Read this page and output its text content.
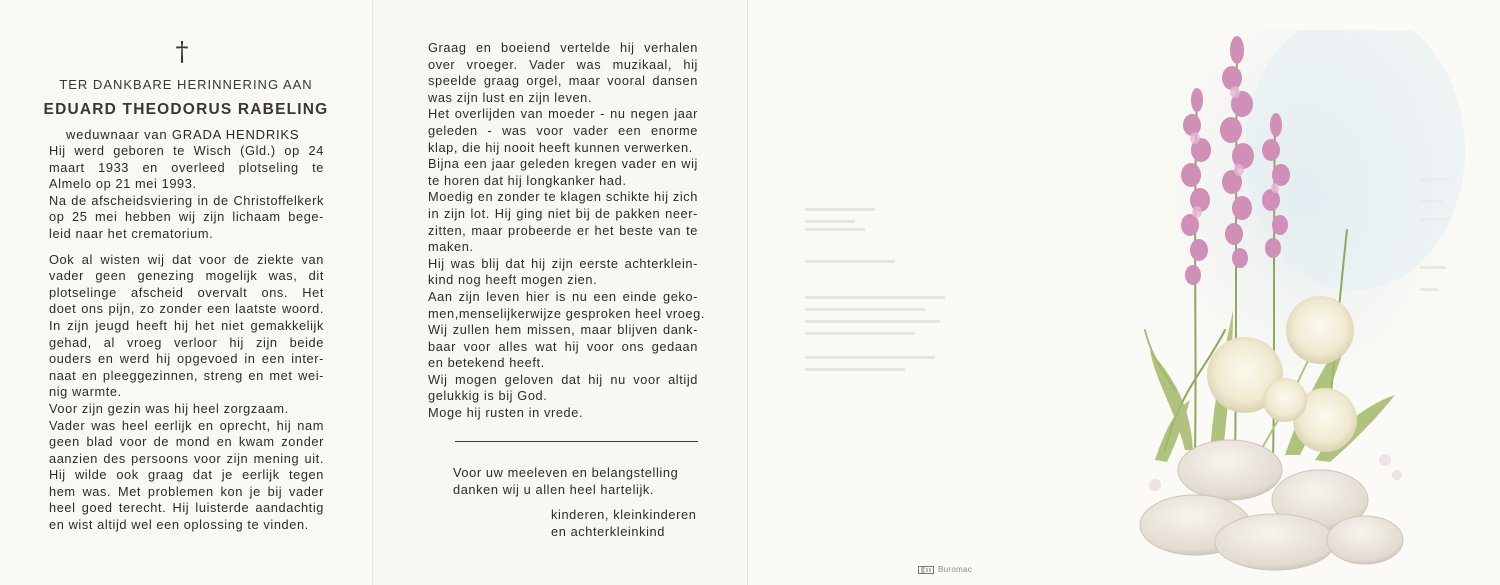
†
TER DANKBARE HERINNERING AAN
EDUARD THEODORUS RABELING
weduwnaar van GRADA HENDRIKS
Hij werd geboren te Wisch (Gld.) op 24
maart 1933 en overleed plotseling te
Almelo op 21 mei 1993.
Na de afscheidsviering in de Christoffelkerk
op 25 mei hebben wij zijn lichaam bege-
leid naar het crematorium.
Ook al wisten wij dat voor de ziekte van
vader geen genezing mogelijk was, dit
plotselinge afscheid overvalt ons. Het
doet ons pijn, zo zonder een laatste woord.
In zijn jeugd heeft hij het niet gemakkelijk
gehad, al vroeg verloor hij zijn beide
ouders en werd hij opgevoed in een inter-
naat en pleeggezinnen, streng en met wei-
nig warmte.
Voor zijn gezin was hij heel zorgzaam.
Vader was heel eerlijk en oprecht, hij nam
geen blad voor de mond en kwam zonder
aanzien des persoons voor zijn mening uit.
Hij wilde ook graag dat je eerlijk tegen
hem was. Met problemen kon je bij vader
heel goed terecht. Hij luisterde aandachtig
en wist altijd wel een oplossing te vinden.
Graag en boeiend vertelde hij verhalen
over vroeger. Vader was muzikaal, hij
speelde graag orgel, maar vooral dansen
was zijn lust en zijn leven.
Het overlijden van moeder - nu negen jaar
geleden - was voor vader een enorme
klap, die hij nooit heeft kunnen verwerken.
Bijna een jaar geleden kregen vader en wij
te horen dat hij longkanker had.
Moedig en zonder te klagen schikte hij zich
in zijn lot. Hij ging niet bij de pakken neer-
zitten, maar probeerde er het beste van te
maken.
Hij was blij dat hij zijn eerste achterklein-
kind nog heeft mogen zien.
Aan zijn leven hier is nu een einde gekо-
men,menselijkerwijze gesproken heel vroeg.
Wij zullen hem missen, maar blijven dank-
baar voor alles wat hij voor ons gedaan
en betekend heeft.
Wij mogen geloven dat hij nu voor altijd
gelukkig is bij God.
Moge hij rusten in vrede.
Voor uw meeleven en belangstelling
danken wij u allen heel hartelijk.
kinderen, kleinkinderen
en achterkleinkind
Buromac
